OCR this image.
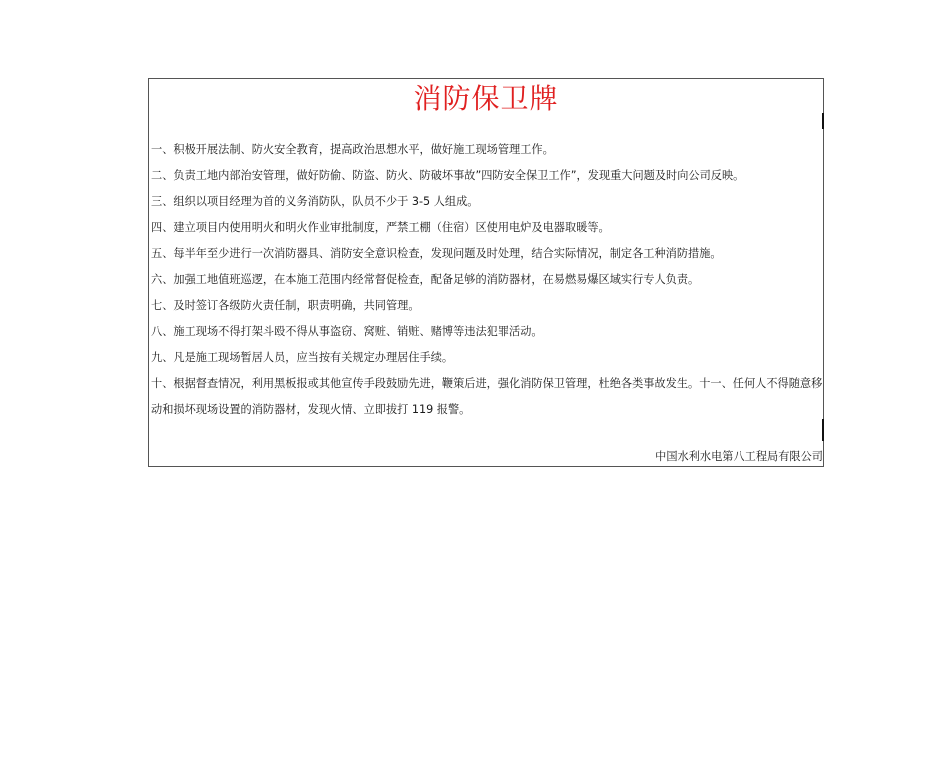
消防保卫牌
一、积极开展法制、防火安全教育，提高政治思想水平，做好施工现场管理工作。
二、负责工地内部治安管理，做好防偷、防盗、防火、防破坏事故”四防安全保卫工作”，发现重大问题及时向公司反映。
三、组织以项目经理为首的义务消防队，队员不少于 3-5 人组成。
四、建立项目内使用明火和明火作业审批制度，严禁工棚（住宿）区使用电炉及电器取暖等。
五、每半年至少进行一次消防器具、消防安全意识检查，发现问题及时处理，结合实际情况，制定各工种消防措施。
六、加强工地值班巡逻，在本施工范围内经常督促检查，配备足够的消防器材，在易燃易爆区域实行专人负责。
七、及时签订各级防火责任制，职责明确，共同管理。
八、施工现场不得打架斗殴不得从事盗窃、窝赃、销赃、赌博等违法犯罪活动。
九、凡是施工现场暂居人员，应当按有关规定办理居住手续。
十、根据督查情况，利用黑板报或其他宣传手段鼓励先进，鞭策后进，强化消防保卫管理，杜绝各类事故发生。十一、任何人不得随意移动和损坏现场设置的消防器材，发现火情、立即拔打 119 报警。
中国水利水电第八工程局有限公司
